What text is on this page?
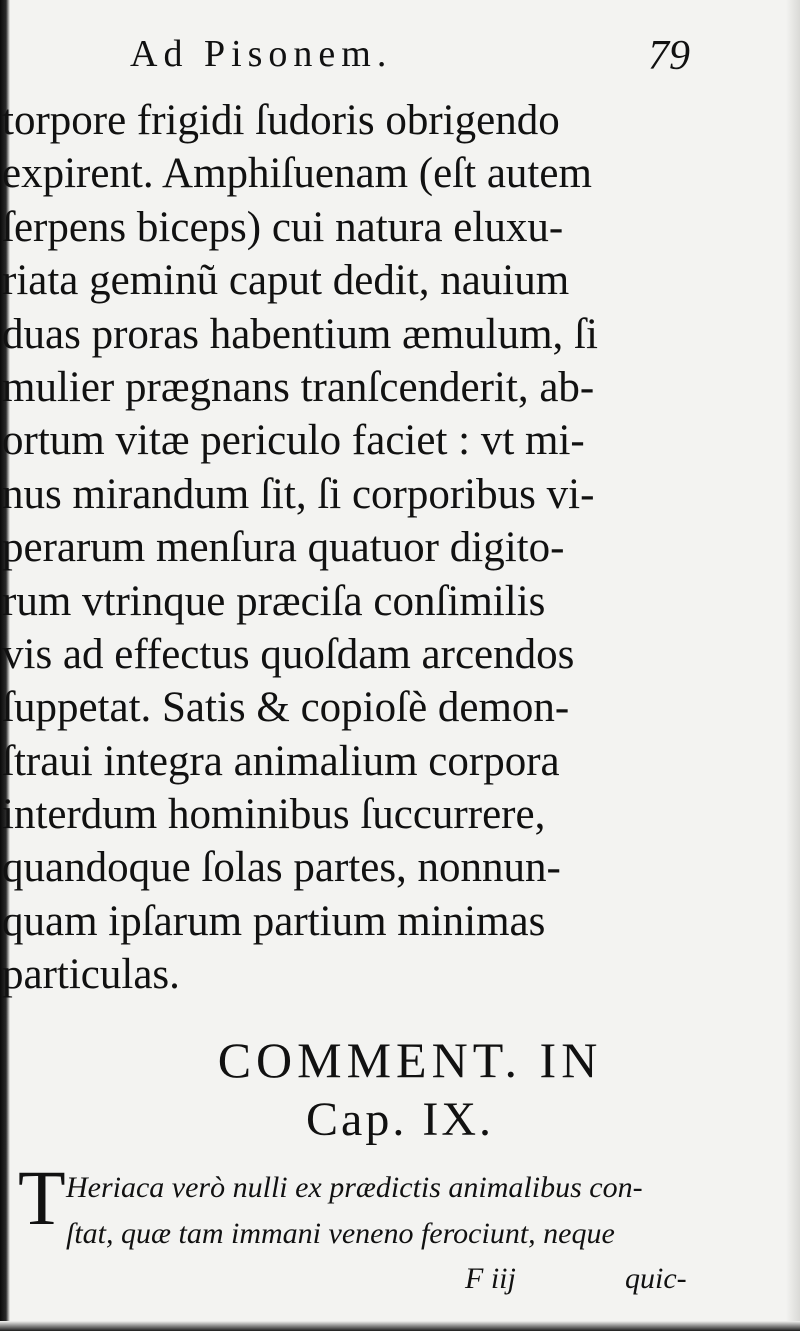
Ad Pisonem.	79
torpore frigidi ſudoris obrigendo
expirent. Amphiſuenam (eſt autem
ſerpens biceps) cui natura eluxu-
riata geminũ caput dedit, nauium
duas proras habentium æmulum, ſi
mulier prægnans tranſcenderit, ab-
ortum vitæ periculo faciet : vt mi-
nus mirandum ſit, ſi corporibus vi-
perarum menſura quatuor digito-
rum vtrinque præciſa conſimilis
vis ad effectus quoſdam arcendos
ſuppetat. Satis & copioſè demon-
ſtraui integra animalium corpora
interdum hominibus ſuccurrere,
quandoque ſolas partes, nonnun-
quam ipſarum partium minimas
particulas.
COMMENT. IN
Cap. IX.
T Heriaca verò nulli ex prædictis animalibus con-
ſtat, quæ tam immani veneno ferociunt, neque
F iij	quic-
